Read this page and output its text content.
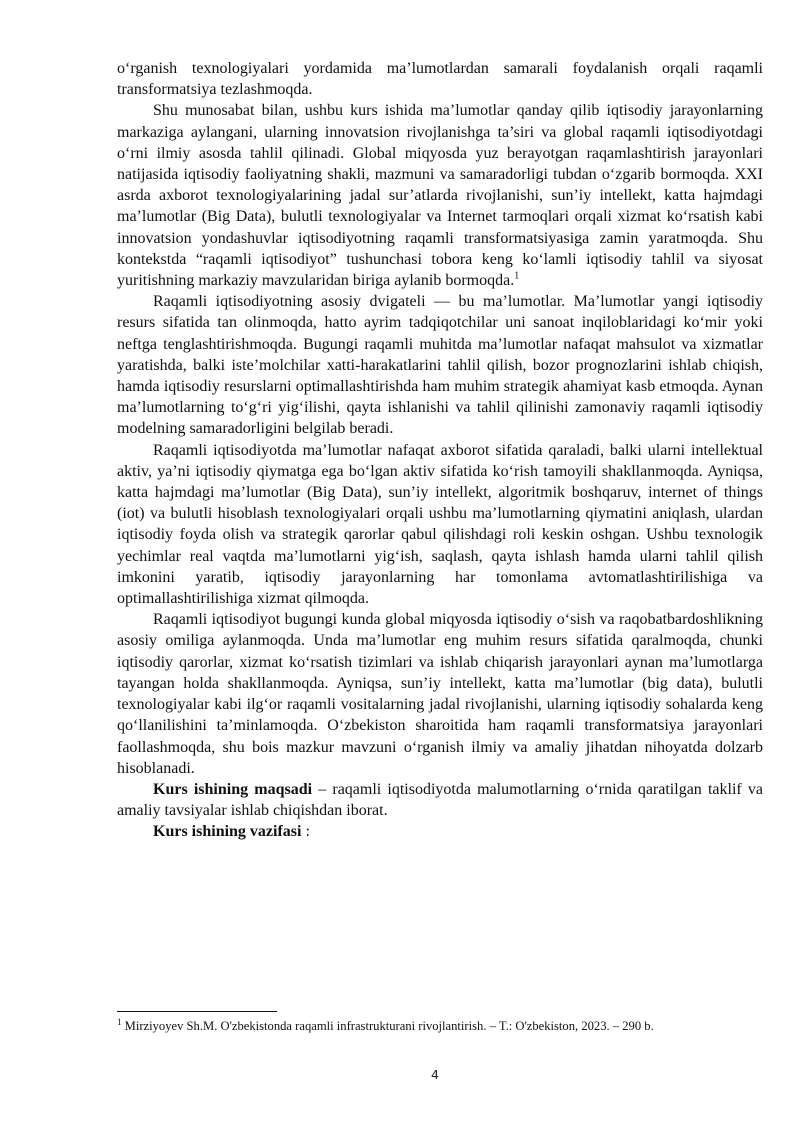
o‘rganish texnologiyalari yordamida ma’lumotlardan samarali foydalanish orqali raqamli transformatsiya tezlashmoqda.

Shu munosabat bilan, ushbu kurs ishida ma’lumotlar qanday qilib iqtisodiy jarayonlarning markaziga aylangani, ularning innovatsion rivojlanishga ta’siri va global raqamli iqtisodiyotdagi o‘rni ilmiy asosda tahlil qilinadi. Global miqyosda yuz berayotgan raqamlashtirish jarayonlari natijasida iqtisodiy faoliyatning shakli, mazmuni va samaradorligi tubdan o‘zgarib bormoqda. XXI asrda axborot texnologiyalarining jadal sur’atlarda rivojlanishi, sun’iy intellekt, katta hajmdagi ma’lumotlar (Big Data), bulutli texnologiyalar va Internet tarmoqlari orqali xizmat ko‘rsatish kabi innovatsion yondashuvlar iqtisodiyotning raqamli transformatsiyasiga zamin yaratmoqda. Shu kontekstda “raqamli iqtisodiyot” tushunchasi tobora keng ko‘lamli iqtisodiy tahlil va siyosat yuritishning markaziy mavzularidan biriga aylanib bormoqda.$^1$

Raqamli iqtisodiyotning asosiy dvigateli — bu ma’lumotlar. Ma’lumotlar yangi iqtisodiy resurs sifatida tan olinmoqda, hatto ayrim tadqiqotchilar uni sanoat inqiloblaridagi ko‘mir yoki neftga tenglashtirishmoqda. Bugungi raqamli muhitda ma’lumotlar nafaqat mahsulot va xizmatlar yaratishda, balki iste’molchilar xatti-harakatlarini tahlil qilish, bozor prognozlarini ishlab chiqish, hamda iqtisodiy resurslarni optimallashtirishda ham muhim strategik ahamiyat kasb etmoqda. Aynan ma’lumotlarning to‘g‘ri yig‘ilishi, qayta ishlanishi va tahlil qilinishi zamonaviy raqamli iqtisodiy modelning samaradorligini belgilab beradi.

Raqamli iqtisodiyotda ma’lumotlar nafaqat axborot sifatida qaraladi, balki ularni intellektual aktiv, ya’ni iqtisodiy qiymatga ega bo‘lgan aktiv sifatida ko‘rish tamoyili shakllanmoqda. Ayniqsa, katta hajmdagi ma’lumotlar (Big Data), sun’iy intellekt, algoritmik boshqaruv, internet of things (iot) va bulutli hisoblash texnologiyalari orqali ushbu ma’lumotlarning qiymatini aniqlash, ulardan iqtisodiy foyda olish va strategik qarorlar qabul qilishdagi roli keskin oshgan. Ushbu texnologik yechimlar real vaqtda ma’lumotlarni yig‘ish, saqlash, qayta ishlash hamda ularni tahlil qilish imkonini yaratib, iqtisodiy jarayonlarning har tomonlama avtomatlashtirilishiga va optimallashtirilishiga xizmat qilmoqda.

Raqamli iqtisodiyot bugungi kunda global miqyosda iqtisodiy o‘sish va raqobatbardoshlikning asosiy omiliga aylanmoqda. Unda ma’lumotlar eng muhim resurs sifatida qaralmoqda, chunki iqtisodiy qarorlar, xizmat ko‘rsatish tizimlari va ishlab chiqarish jarayonlari aynan ma’lumotlarga tayangan holda shakllanmoqda. Ayniqsa, sun’iy intellekt, katta ma’lumotlar (big data), bulutli texnologiyalar kabi ilg‘or raqamli vositalarning jadal rivojlanishi, ularning iqtisodiy sohalarda keng qo‘llanilishini ta’minlamoqda. O‘zbekiston sharoitida ham raqamli transformatsiya jarayonlari faollashmoqda, shu bois mazkur mavzuni o‘rganish ilmiy va amaliy jihatdan nihoyatda dolzarb hisoblanadi.

Kurs ishining maqsadi – raqamli iqtisodiyotda malumotlarning o‘rnida qaratilgan taklif va amaliy tavsiyalar ishlab chiqishdan iborat.

Kurs ishining vazifasi :

$^1$ Mirziyoyev Sh.M. O'zbekistonda raqamli infrastrukturani rivojlantirish. – T.: O'zbekiston, 2023. – 290 b.

4
